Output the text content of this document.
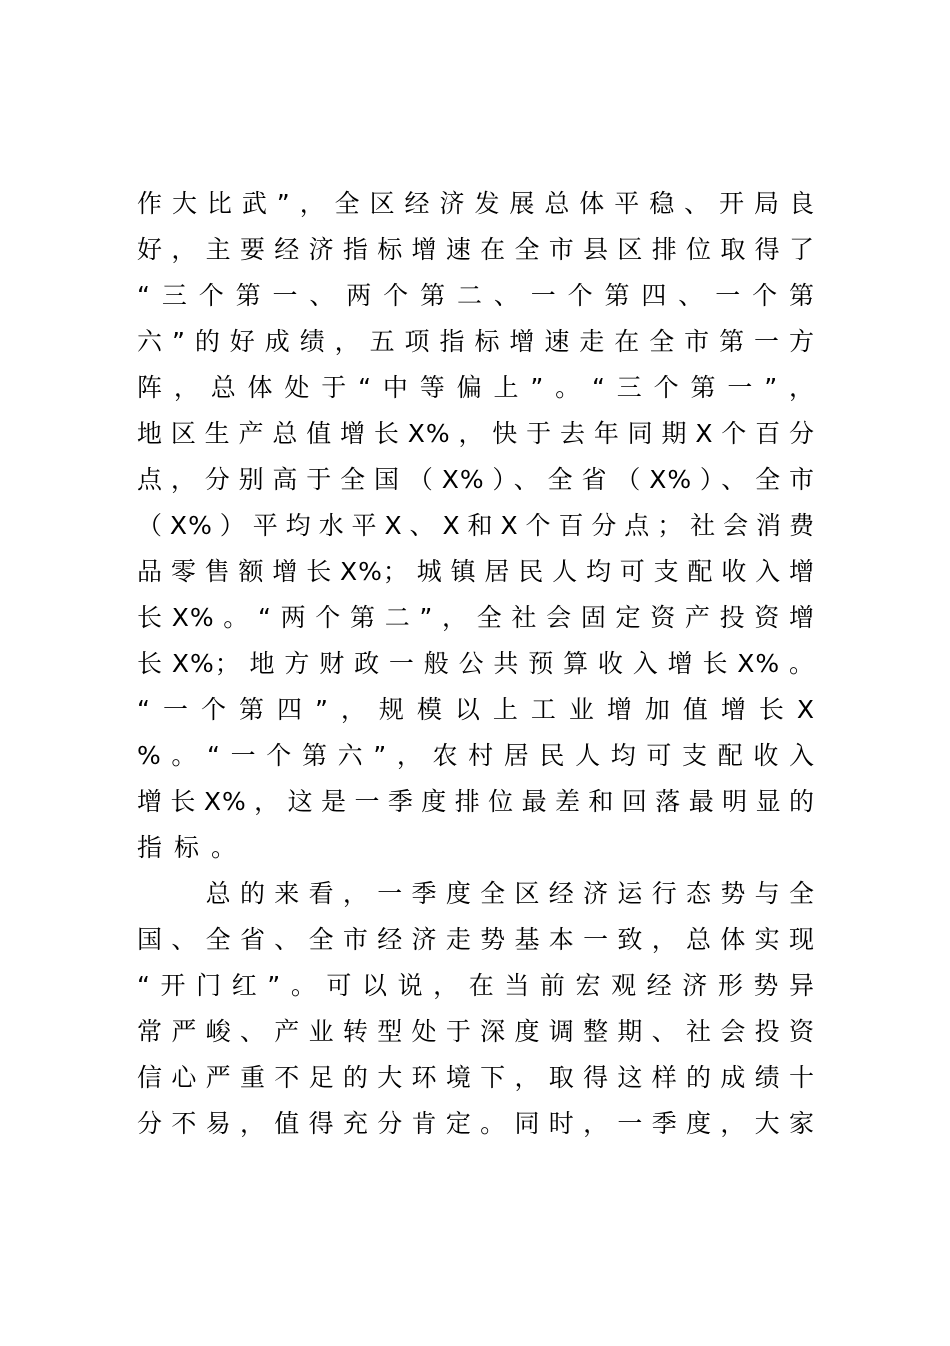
作大比武”，全区经济发展总体平稳、开局良
好，主要经济指标增速在全市县区排位取得了
“三个第一、两个第二、一个第四、一个第
六”的好成绩，五项指标增速走在全市第一方
阵，总体处于“中等偏上”。“三个第一”，
地区生产总值增长X%，快于去年同期X个百分
点，分别高于全国（X%）、全省（X%）、全市
（X%）平均水平X、X和X个百分点；社会消费
品零售额增长X%；城镇居民人均可支配收入增
长X%。“两个第二”，全社会固定资产投资增
长X%；地方财政一般公共预算收入增长X%。
“一个第四”，规模以上工业增加值增长X
%。“一个第六”，农村居民人均可支配收入
增长X%，这是一季度排位最差和回落最明显的
指标。
　　总的来看，一季度全区经济运行态势与全
国、全省、全市经济走势基本一致，总体实现
“开门红”。可以说，在当前宏观经济形势异
常严峻、产业转型处于深度调整期、社会投资
信心严重不足的大环境下，取得这样的成绩十
分不易，值得充分肯定。同时，一季度，大家
